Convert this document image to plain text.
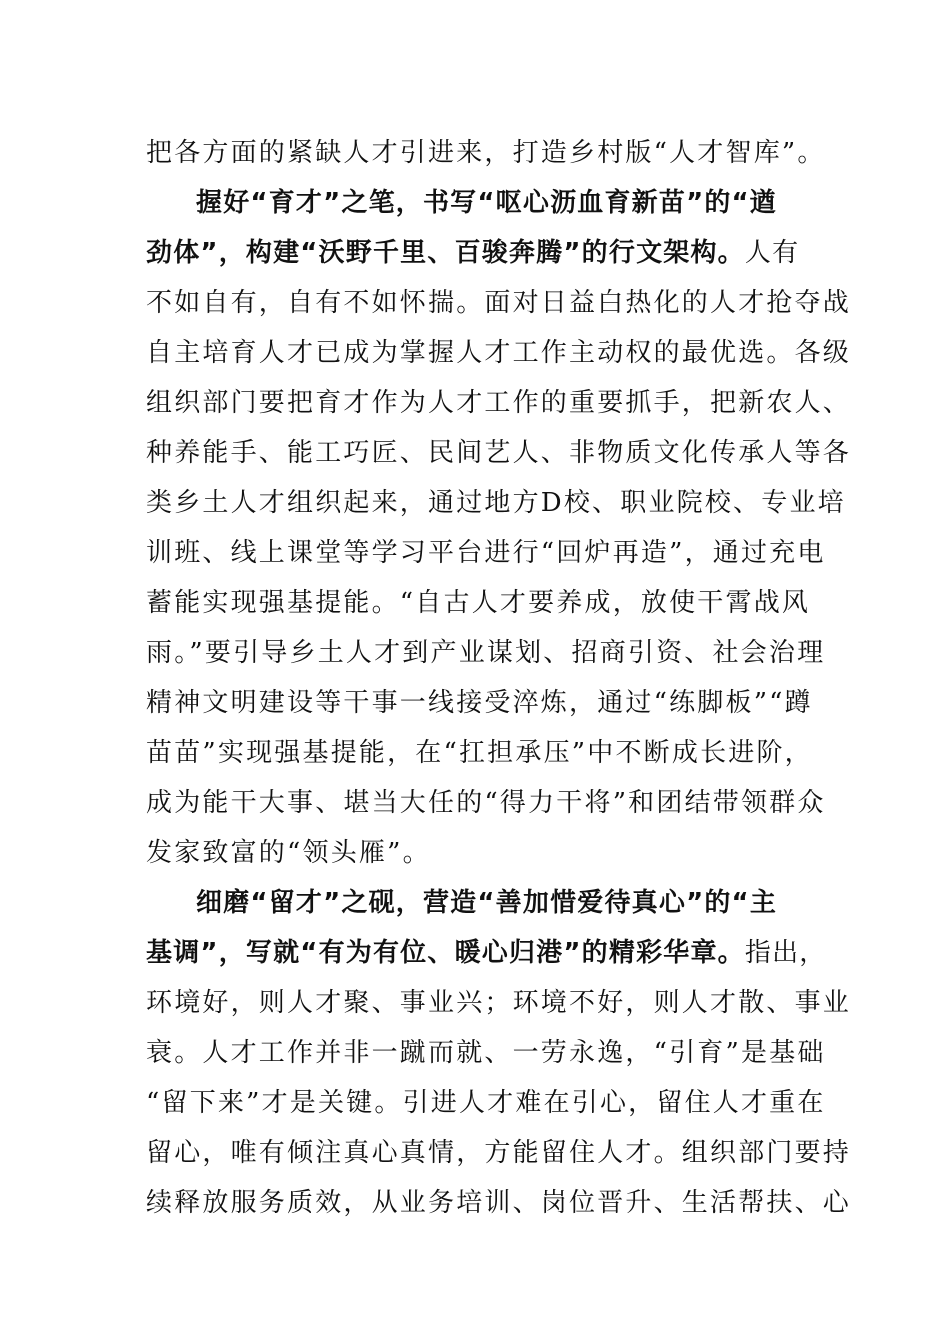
把各方面的紧缺人才引进来，打造乡村版“人才智库”。
握好“育才”之笔，书写“呕心沥血育新苗”的“遒
劲体”，构建“沃野千里、百骏奔腾”的行文架构。人有
不如自有，自有不如怀揣。面对日益白热化的人才抢夺战
自主培育人才已成为掌握人才工作主动权的最优选。各级
组织部门要把育才作为人才工作的重要抓手，把新农人、
种养能手、能工巧匠、民间艺人、非物质文化传承人等各
类乡土人才组织起来，通过地方D校、职业院校、专业培
训班、线上课堂等学习平台进行“回炉再造”，通过充电
蓄能实现强基提能。“自古人才要养成，放使干霄战风
雨。”要引导乡土人才到产业谋划、招商引资、社会治理
精神文明建设等干事一线接受淬炼，通过“练脚板”“蹲
苗苗”实现强基提能，在“扛担承压”中不断成长进阶，
成为能干大事、堪当大任的“得力干将”和团结带领群众
发家致富的“领头雁”。
细磨“留才”之砚，营造“善加惜爱待真心”的“主
基调”，写就“有为有位、暖心归港”的精彩华章。指出，
环境好，则人才聚、事业兴；环境不好，则人才散、事业
衰。人才工作并非一蹴而就、一劳永逸，“引育”是基础
“留下来”才是关键。引进人才难在引心，留住人才重在
留心，唯有倾注真心真情，方能留住人才。组织部门要持
续释放服务质效，从业务培训、岗位晋升、生活帮扶、心
